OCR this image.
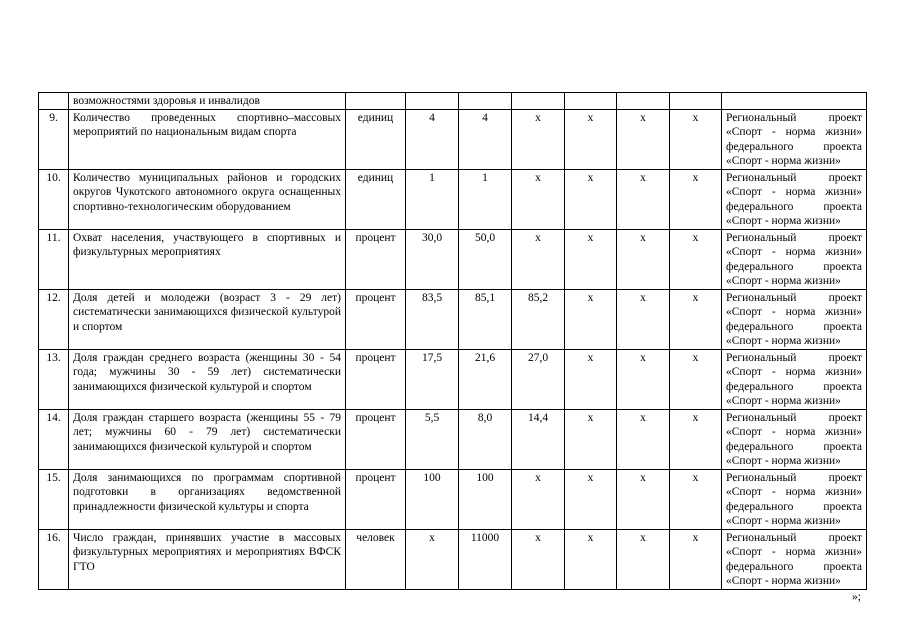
	возможностями здоровья и инвалидов								
9.	Количество проведенных спортивно–массовых мероприятий по национальным видам спорта	единиц	4	4	x	x	x	x	Региональный проект
«Спорт - норма жизни»
федерального проекта
«Спорт - норма жизни»

10.	Количество муниципальных районов и городских округов Чукотского автономного округа оснащенных спортивно-технологическим оборудованием	единиц	1	1	x	x	x	x	Региональный проект
«Спорт - норма жизни»
федерального проекта
«Спорт - норма жизни»

11.	Охват населения, участвующего в спортивных и физкультурных мероприятиях	процент	30,0	50,0	x	x	x	x	Региональный проект
«Спорт - норма жизни»
федерального проекта
«Спорт - норма жизни»

12.	Доля детей и молодежи (возраст 3 - 29 лет) систематически занимающихся физической культурой и спортом	процент	83,5	85,1	85,2	x	x	x	Региональный проект
«Спорт - норма жизни»
федерального проекта
«Спорт - норма жизни»

13.	Доля граждан среднего возраста (женщины 30 - 54 года; мужчины 30 - 59 лет) систематически занимающихся физической культурой и спортом	процент	17,5	21,6	27,0	x	x	x	Региональный проект
«Спорт - норма жизни»
федерального проекта
«Спорт - норма жизни»

14.	Доля граждан старшего возраста (женщины 55 - 79 лет; мужчины 60 - 79 лет) систематически занимающихся физической культурой и спортом	процент	5,5	8,0	14,4	x	x	x	Региональный проект
«Спорт - норма жизни»
федерального проекта
«Спорт - норма жизни»

15.	Доля занимающихся по программам спортивной подготовки в организациях ведомственной принадлежности физической культуры и спорта	процент	100	100	x	x	x	x	Региональный проект
«Спорт - норма жизни»
федерального проекта
«Спорт - норма жизни»

16.	Число граждан, принявших участие в массовых физкультурных мероприятиях и мероприятиях ВФСК ГТО	человек	x	11000	x	x	x	x	Региональный проект
«Спорт - норма жизни»
федерального проекта
«Спорт - норма жизни»
»;
